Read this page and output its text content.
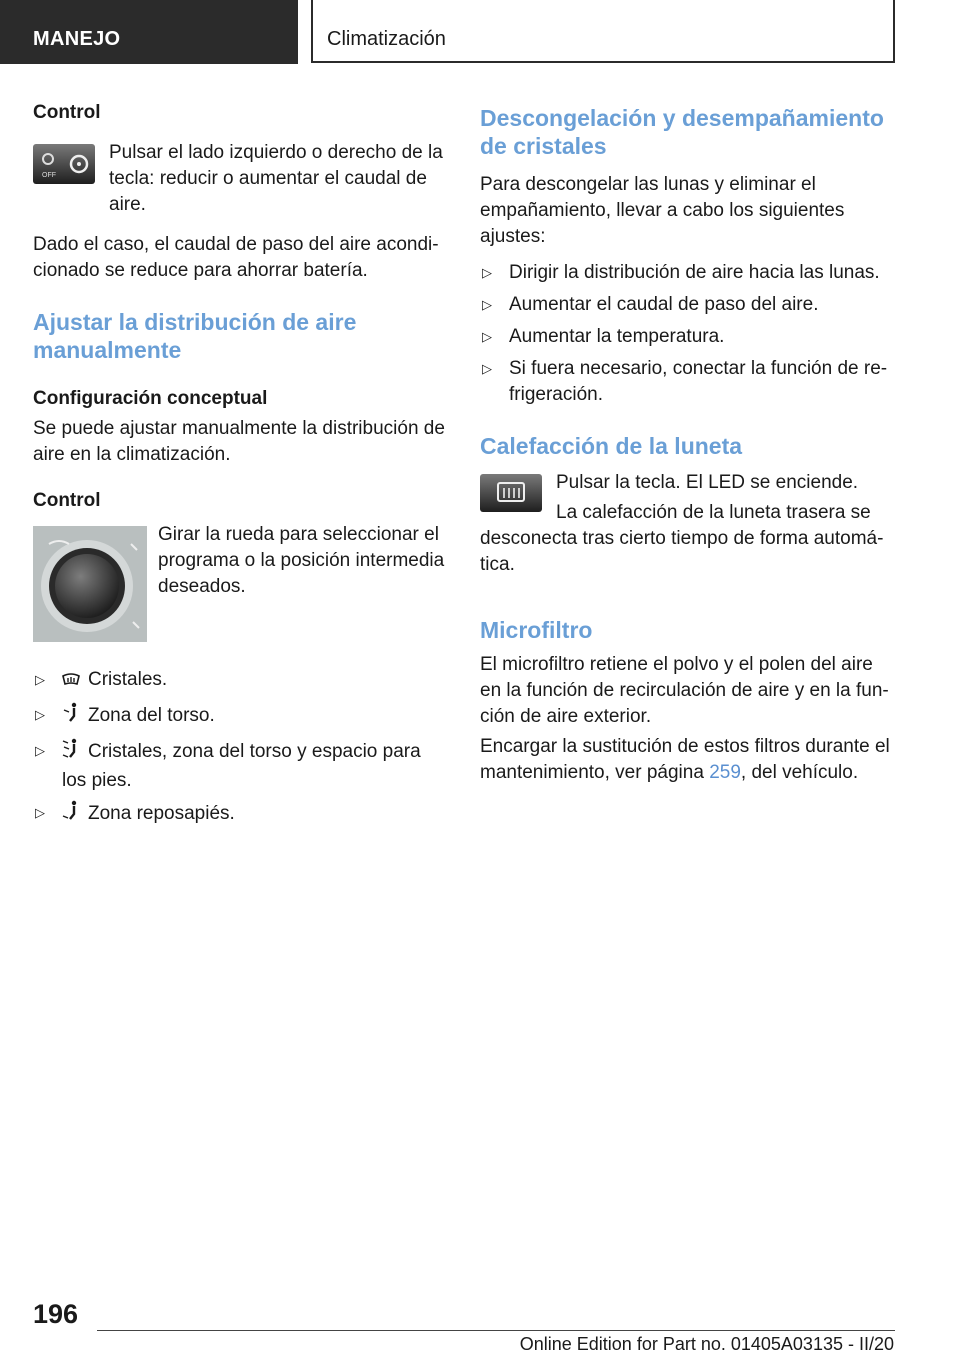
MANEJO	Climatización

Control

OFF

Pulsar el lado izquierdo o derecho de la tecla: reducir o aumentar el caudal de aire.

Dado el caso, el caudal de paso del aire acondicionado se reduce para ahorrar batería.

Ajustar la distribución de aire manualmente

Configuración conceptual

Se puede ajustar manualmente la distribución de aire en la climatización.

Control

Girar la rueda para seleccionar el programa o la posición intermedia deseados.

▷ Cristales.
▷ Zona del torso.
▷ Cristales, zona del torso y espacio para los pies.
▷ Zona reposapiés.
Descongelación y desempañamiento de cristales

Para descongelar las lunas y eliminar el empañamiento, llevar a cabo los siguientes ajustes:

▷ Dirigir la distribución de aire hacia las lunas.
▷ Aumentar el caudal de paso del aire.
▷ Aumentar la temperatura.
▷ Si fuera necesario, conectar la función de refrigeración.
Calefacción de la luneta

Pulsar la tecla. El LED se enciende.

La calefacción de la luneta trasera se desconecta tras cierto tiempo de forma automática.

Microfiltro

El microfiltro retiene el polvo y el polen del aire en la función de recirculación de aire y en la función de aire exterior.

Encargar la sustitución de estos filtros durante el mantenimiento, ver página 259, del vehículo.

196
Online Edition for Part no. 01405A03135 - II/20
